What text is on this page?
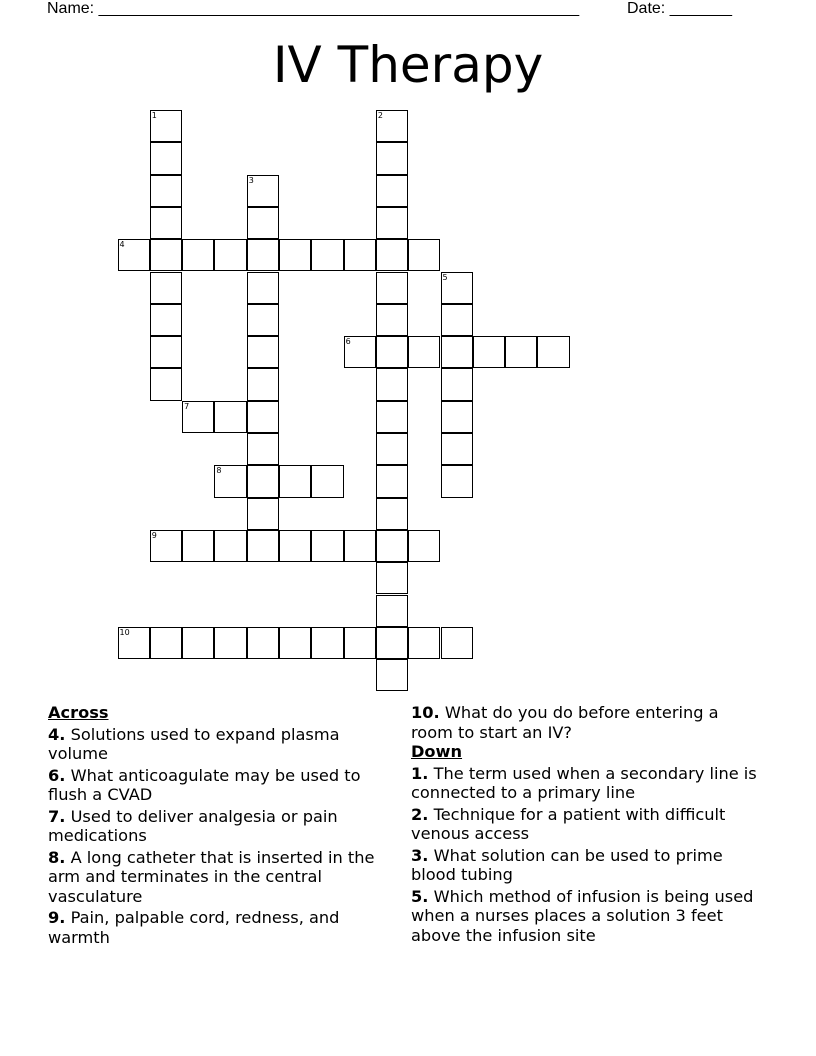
Name: ______________________________________________________	Date: _______
IV Therapy
1	2
3
4
5
6
7
8
9
10
Across
4. Solutions used to expand plasma volume
6. What anticoagulate may be used to flush a CVAD
7. Used to deliver analgesia or pain medications
8. A long catheter that is inserted in the arm and terminates in the central vasculature
9. Pain, palpable cord, redness, and warmth
10. What do you do before entering a room to start an IV?
Down
1. The term used when a secondary line is connected to a primary line
2. Technique for a patient with difficult venous access
3. What solution can be used to prime blood tubing
5. Which method of infusion is being used when a nurses places a solution 3 feet above the infusion site
